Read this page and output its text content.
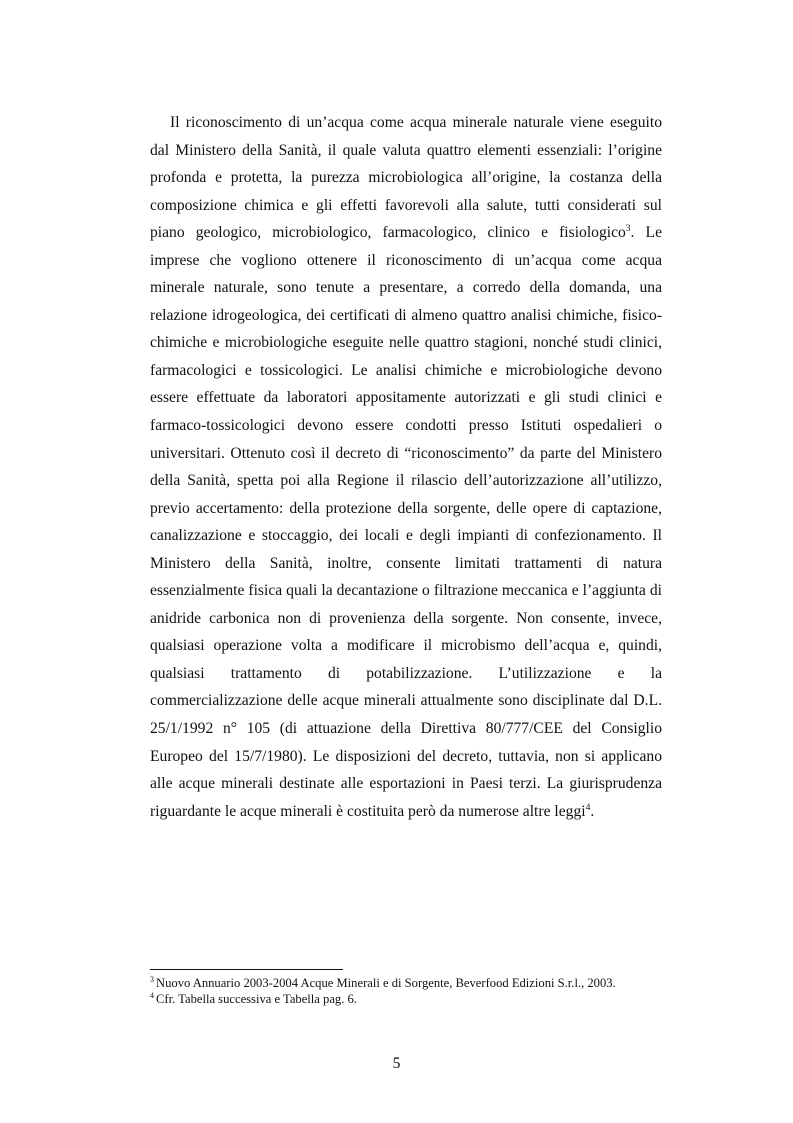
Il riconoscimento di un’acqua come acqua minerale naturale viene eseguito dal Ministero della Sanità, il quale valuta quattro elementi essenziali: l’origine profonda e protetta, la purezza microbiologica all’origine, la costanza della composizione chimica e gli effetti favorevoli alla salute, tutti considerati sul piano geologico, microbiologico, farmacologico, clinico e fisiologico$^3$. Le imprese che vogliono ottenere il riconoscimento di un’acqua come acqua minerale naturale, sono tenute a presentare, a corredo della domanda, una relazione idrogeologica, dei certificati di almeno quattro analisi chimiche, fisico-chimiche e microbiologiche eseguite nelle quattro stagioni, nonché studi clinici, farmacologici e tossicologici. Le analisi chimiche e microbiologiche devono essere effettuate da laboratori appositamente autorizzati e gli studi clinici e farmaco-tossicologici devono essere condotti presso Istituti ospedalieri o universitari. Ottenuto così il decreto di “riconoscimento” da parte del Ministero della Sanità, spetta poi alla Regione il rilascio dell’autorizzazione all’utilizzo, previo accertamento: della protezione della sorgente, delle opere di captazione, canalizzazione e stoccaggio, dei locali e degli impianti di confezionamento. Il Ministero della Sanità, inoltre, consente limitati trattamenti di natura essenzialmente fisica quali la decantazione o filtrazione meccanica e l’aggiunta di anidride carbonica non di provenienza della sorgente. Non consente, invece, qualsiasi operazione volta a modificare il microbismo dell’acqua e, quindi, qualsiasi trattamento di potabilizzazione. L’utilizzazione e la commercializzazione delle acque minerali attualmente sono disciplinate dal D.L. 25/1/1992 n° 105 (di attuazione della Direttiva 80/777/CEE del Consiglio Europeo del 15/7/1980). Le disposizioni del decreto, tuttavia, non si applicano alle acque minerali destinate alle esportazioni in Paesi terzi. La giurisprudenza riguardante le acque minerali è costituita però da numerose altre leggi$^4$.

$^3$ Nuovo Annuario 2003-2004 Acque Minerali e di Sorgente, Beverfood Edizioni S.r.l., 2003.
$^4$ Cfr. Tabella successiva e Tabella pag. 6.
5
